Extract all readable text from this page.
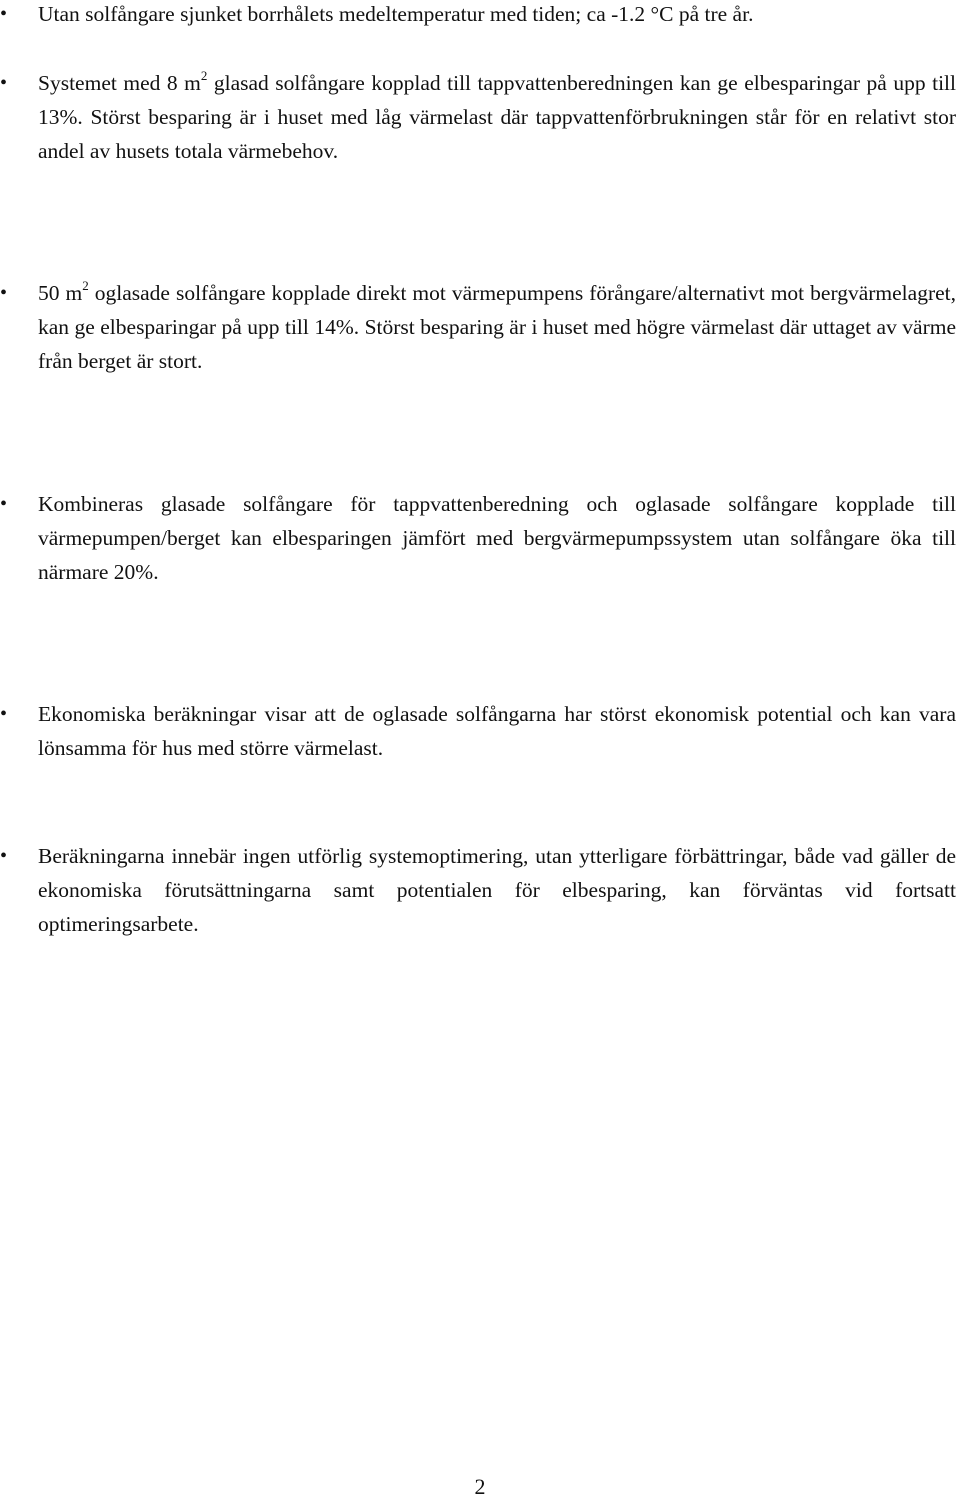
•	Utan solfångare sjunket borrhålets medeltemperatur med tiden; ca -1.2 °C på tre år.
•	Systemet med 8 $m^2$ glasad solfångare kopplad till tappvattenberedningen kan ge elbesparingar på upp till 13%. Störst besparing är i huset med låg värmelast där tappvattenförbrukningen står för en relativt stor andel av husets totala värmebehov.
•	50 $m^2$ oglasade solfångare kopplade direkt mot värmepumpens förångare/alternativt mot bergvärmelagret, kan ge elbesparingar på upp till 14%. Störst besparing är i huset med högre värmelast där uttaget av värme från berget är stort.
•	Kombineras glasade solfångare för tappvattenberedning och oglasade solfångare kopplade till värmepumpen/berget kan elbesparingen jämfört med bergvärmepumpssystem utan solfångare öka till närmare 20%.
•	Ekonomiska beräkningar visar att de oglasade solfångarna har störst ekonomisk potential och kan vara lönsamma för hus med större värmelast.
•	Beräkningarna innebär ingen utförlig systemoptimering, utan ytterligare förbättringar, både vad gäller de ekonomiska förutsättningarna samt potentialen för elbesparing, kan förväntas vid fortsatt optimeringsarbete.
2
